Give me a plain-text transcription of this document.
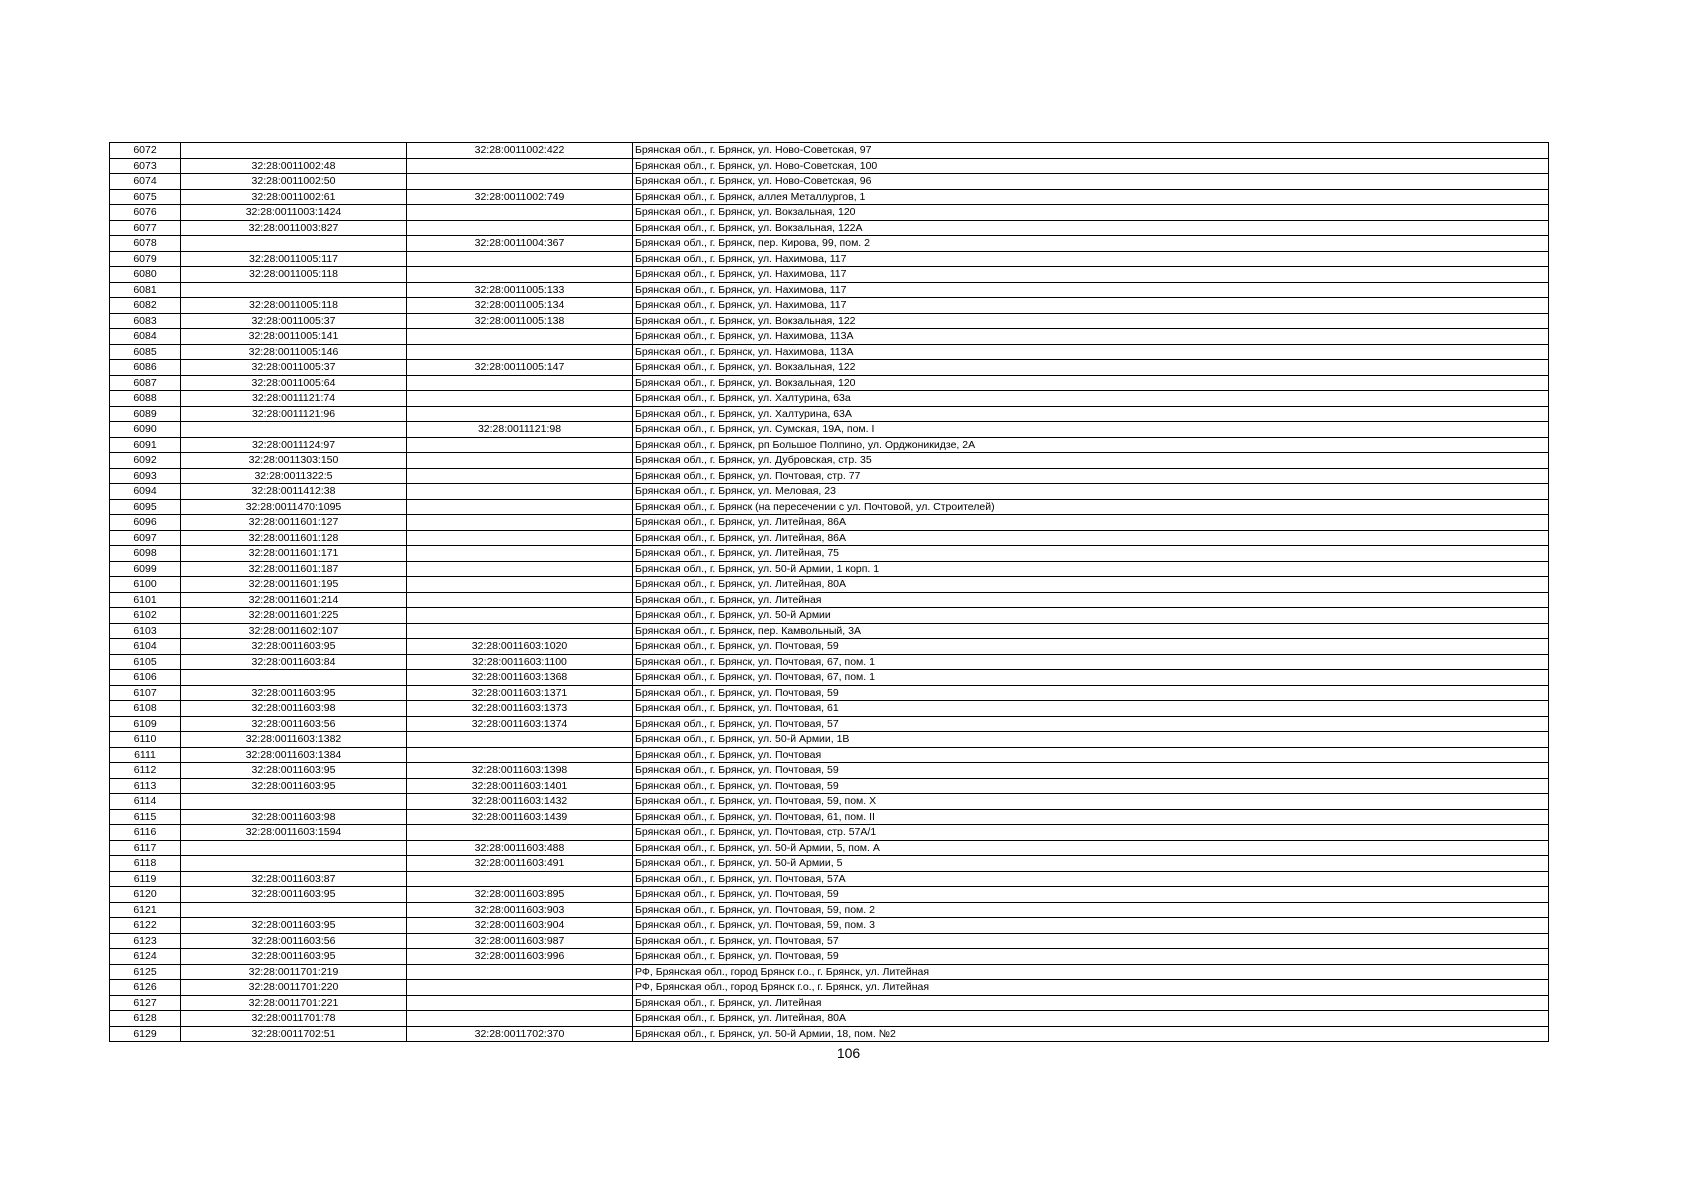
6072		32:28:0011002:422	Брянская обл., г. Брянск, ул. Ново-Советская, 97
6073	32:28:0011002:48		Брянская обл., г. Брянск, ул. Ново-Советская, 100
6074	32:28:0011002:50		Брянская обл., г. Брянск, ул. Ново-Советская, 96
6075	32:28:0011002:61	32:28:0011002:749	Брянская обл., г. Брянск, аллея Металлургов, 1
6076	32:28:0011003:1424		Брянская обл., г. Брянск, ул. Вокзальная, 120
6077	32:28:0011003:827		Брянская обл., г. Брянск, ул. Вокзальная, 122А
6078		32:28:0011004:367	Брянская обл., г. Брянск, пер. Кирова, 99, пом. 2
6079	32:28:0011005:117		Брянская обл., г. Брянск, ул. Нахимова, 117
6080	32:28:0011005:118		Брянская обл., г. Брянск, ул. Нахимова, 117
6081		32:28:0011005:133	Брянская обл., г. Брянск, ул. Нахимова, 117
6082	32:28:0011005:118	32:28:0011005:134	Брянская обл., г. Брянск, ул. Нахимова, 117
6083	32:28:0011005:37	32:28:0011005:138	Брянская обл., г. Брянск, ул. Вокзальная, 122
6084	32:28:0011005:141		Брянская обл., г. Брянск, ул. Нахимова, 113А
6085	32:28:0011005:146		Брянская обл., г. Брянск, ул. Нахимова, 113А
6086	32:28:0011005:37	32:28:0011005:147	Брянская обл., г. Брянск, ул. Вокзальная, 122
6087	32:28:0011005:64		Брянская обл., г. Брянск, ул. Вокзальная, 120
6088	32:28:0011121:74		Брянская обл., г. Брянск, ул. Халтурина, 63а
6089	32:28:0011121:96		Брянская обл., г. Брянск, ул. Халтурина, 63А
6090		32:28:0011121:98	Брянская обл., г. Брянск, ул. Сумская, 19А, пом. I
6091	32:28:0011124:97		Брянская обл., г. Брянск, рп Большое Полпино, ул. Орджоникидзе, 2А
6092	32:28:0011303:150		Брянская обл., г. Брянск, ул. Дубровская, стр. 35
6093	32:28:0011322:5		Брянская обл., г. Брянск, ул. Почтовая, стр. 77
6094	32:28:0011412:38		Брянская обл., г. Брянск, ул. Меловая, 23
6095	32:28:0011470:1095		Брянская обл., г. Брянск (на пересечении с ул. Почтовой, ул. Строителей)
6096	32:28:0011601:127		Брянская обл., г. Брянск, ул. Литейная, 86А
6097	32:28:0011601:128		Брянская обл., г. Брянск, ул. Литейная, 86А
6098	32:28:0011601:171		Брянская обл., г. Брянск, ул. Литейная, 75
6099	32:28:0011601:187		Брянская обл., г. Брянск, ул. 50-й Армии, 1 корп. 1
6100	32:28:0011601:195		Брянская обл., г. Брянск, ул. Литейная, 80А
6101	32:28:0011601:214		Брянская обл., г. Брянск, ул. Литейная
6102	32:28:0011601:225		Брянская обл., г. Брянск, ул. 50-й Армии
6103	32:28:0011602:107		Брянская обл., г. Брянск, пер. Камвольный, 3А
6104	32:28:0011603:95	32:28:0011603:1020	Брянская обл., г. Брянск, ул. Почтовая, 59
6105	32:28:0011603:84	32:28:0011603:1100	Брянская обл., г. Брянск, ул. Почтовая, 67, пом. 1
6106		32:28:0011603:1368	Брянская обл., г. Брянск, ул. Почтовая, 67, пом. 1
6107	32:28:0011603:95	32:28:0011603:1371	Брянская обл., г. Брянск, ул. Почтовая, 59
6108	32:28:0011603:98	32:28:0011603:1373	Брянская обл., г. Брянск, ул. Почтовая, 61
6109	32:28:0011603:56	32:28:0011603:1374	Брянская обл., г. Брянск, ул. Почтовая, 57
6110	32:28:0011603:1382		Брянская обл., г. Брянск, ул. 50-й Армии, 1В
6111	32:28:0011603:1384		Брянская обл., г. Брянск, ул. Почтовая
6112	32:28:0011603:95	32:28:0011603:1398	Брянская обл., г. Брянск, ул. Почтовая, 59
6113	32:28:0011603:95	32:28:0011603:1401	Брянская обл., г. Брянск, ул. Почтовая, 59
6114		32:28:0011603:1432	Брянская обл., г. Брянск, ул. Почтовая, 59, пом. X
6115	32:28:0011603:98	32:28:0011603:1439	Брянская обл., г. Брянск, ул. Почтовая, 61, пом. II
6116	32:28:0011603:1594		Брянская обл., г. Брянск, ул. Почтовая, стр. 57А/1
6117		32:28:0011603:488	Брянская обл., г. Брянск, ул. 50-й Армии, 5, пом. А
6118		32:28:0011603:491	Брянская обл., г. Брянск, ул. 50-й Армии, 5
6119	32:28:0011603:87		Брянская обл., г. Брянск, ул. Почтовая, 57А
6120	32:28:0011603:95	32:28:0011603:895	Брянская обл., г. Брянск, ул. Почтовая, 59
6121		32:28:0011603:903	Брянская обл., г. Брянск, ул. Почтовая, 59, пом. 2
6122	32:28:0011603:95	32:28:0011603:904	Брянская обл., г. Брянск, ул. Почтовая, 59, пом. 3
6123	32:28:0011603:56	32:28:0011603:987	Брянская обл., г. Брянск, ул. Почтовая, 57
6124	32:28:0011603:95	32:28:0011603:996	Брянская обл., г. Брянск, ул. Почтовая, 59
6125	32:28:0011701:219		РФ, Брянская обл., город Брянск г.о., г. Брянск, ул. Литейная
6126	32:28:0011701:220		РФ, Брянская обл., город Брянск г.о., г. Брянск, ул. Литейная
6127	32:28:0011701:221		Брянская обл., г. Брянск, ул. Литейная
6128	32:28:0011701:78		Брянская обл., г. Брянск, ул. Литейная, 80А
6129	32:28:0011702:51	32:28:0011702:370	Брянская обл., г. Брянск, ул. 50-й Армии, 18, пом. №2
106
